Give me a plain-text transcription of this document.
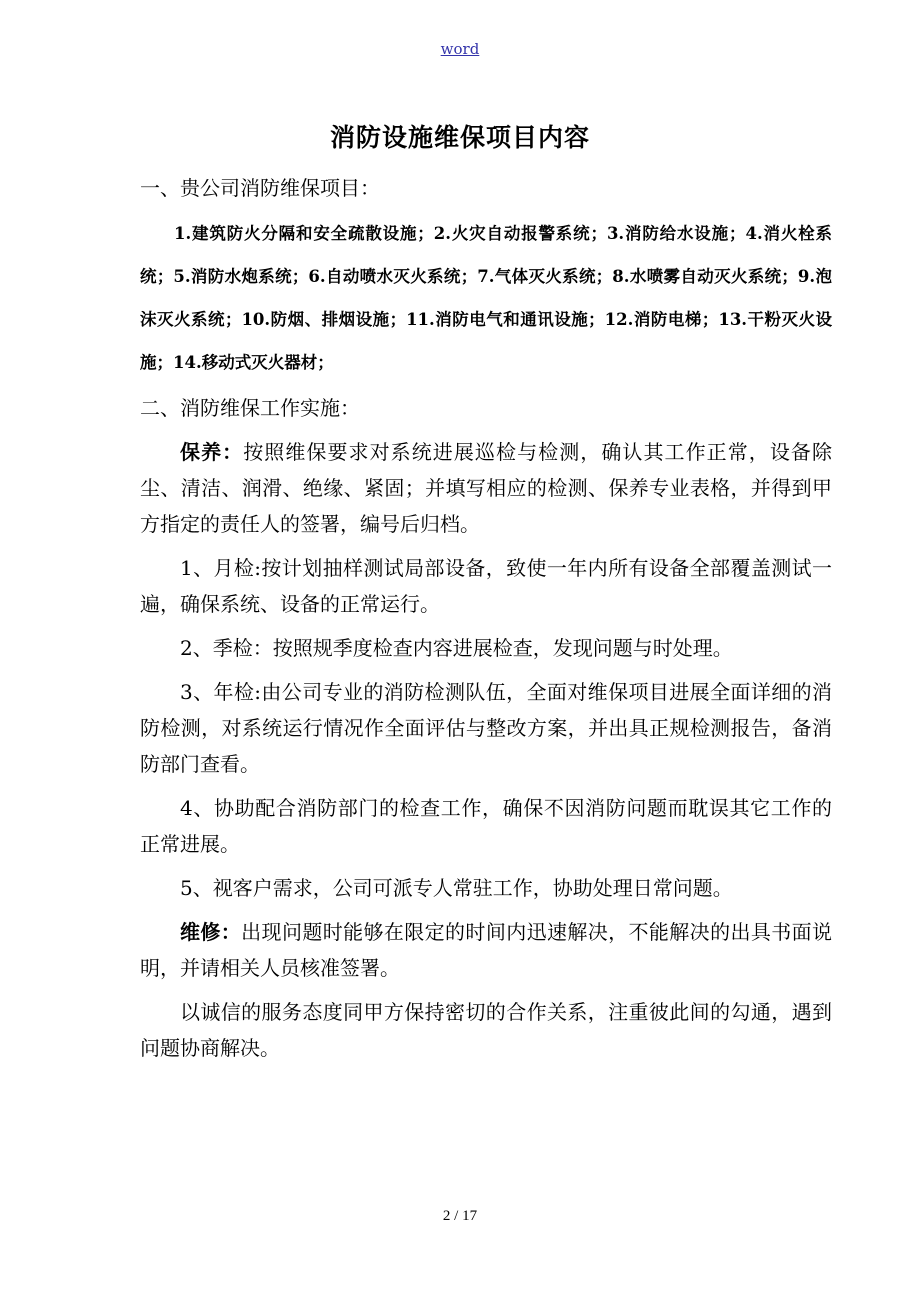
word
消防设施维保项目内容

一、贵公司消防维保项目：

1.建筑防火分隔和安全疏散设施；2.火灾自动报警系统；3.消防给水设施；4.消火栓系统；5.消防水炮系统；6.自动喷水灭火系统；7.气体灭火系统；8.水喷雾自动灭火系统；9.泡沫灭火系统；10.防烟、排烟设施；11.消防电气和通讯设施；12.消防电梯；13.干粉灭火设施；14.移动式灭火器材；

二、消防维保工作实施：

保养：按照维保要求对系统进展巡检与检测，确认其工作正常，设备除尘、清洁、润滑、绝缘、紧固；并填写相应的检测、保养专业表格，并得到甲方指定的责任人的签署，编号后归档。

1、月检:按计划抽样测试局部设备，致使一年内所有设备全部覆盖测试一遍，确保系统、设备的正常运行。

2、季检：按照规季度检查内容进展检查，发现问题与时处理。

3、年检:由公司专业的消防检测队伍，全面对维保项目进展全面详细的消防检测，对系统运行情况作全面评估与整改方案，并出具正规检测报告，备消防部门查看。

4、协助配合消防部门的检查工作，确保不因消防问题而耽误其它工作的正常进展。

5、视客户需求，公司可派专人常驻工作，协助处理日常问题。

维修：出现问题时能够在限定的时间内迅速解决，不能解决的出具书面说明，并请相关人员核准签署。

以诚信的服务态度同甲方保持密切的合作关系，注重彼此间的勾通，遇到问题协商解决。

2 / 17
